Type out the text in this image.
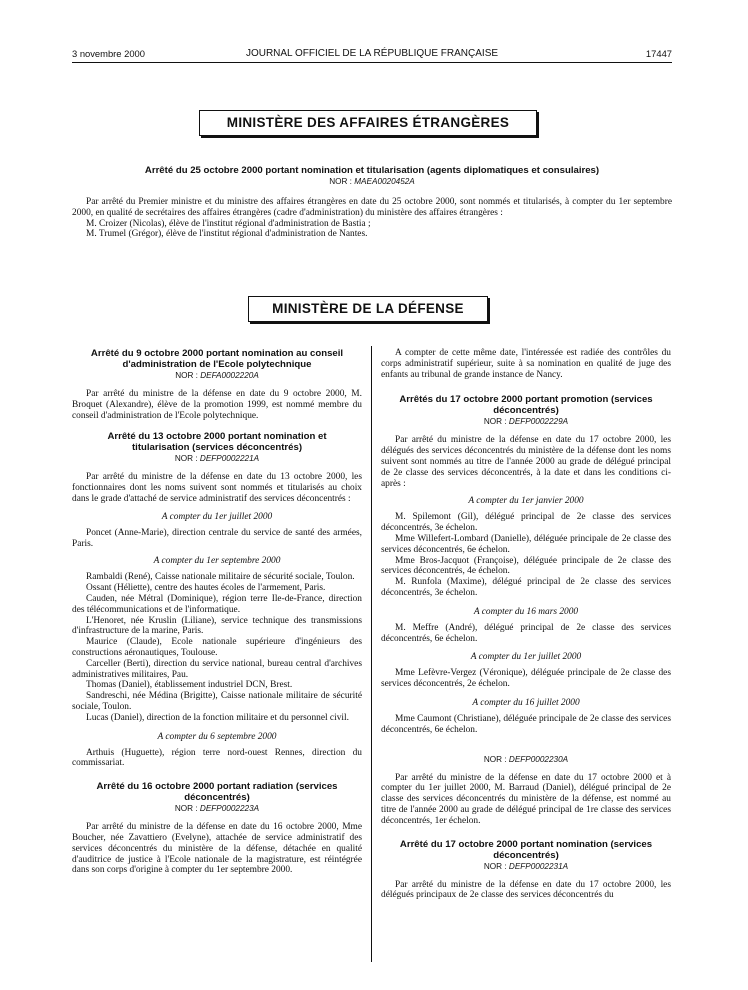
3 novembre 2000	JOURNAL OFFICIEL DE LA RÉPUBLIQUE FRANÇAISE	17447
MINISTÈRE DES AFFAIRES ÉTRANGÈRES
Arrêté du 25 octobre 2000 portant nomination et titularisation (agents diplomatiques et consulaires)
NOR : MAEA0020452A

Par arrêté du Premier ministre et du ministre des affaires étrangères en date du 25 octobre 2000, sont nommés et titularisés, à compter du 1er septembre 2000, en qualité de secrétaires des affaires étrangères (cadre d'administration) du ministère des affaires étrangères :

M. Croizer (Nicolas), élève de l'institut régional d'administration de Bastia ;

M. Trumel (Grégor), élève de l'institut régional d'administration de Nantes.

MINISTÈRE DE LA DÉFENSE
Arrêté du 9 octobre 2000 portant nomination au conseil d'administration de l'Ecole polytechnique
NOR : DEFA0002220A

Par arrêté du ministre de la défense en date du 9 octobre 2000, M. Broquet (Alexandre), élève de la promotion 1999, est nommé membre du conseil d'administration de l'Ecole polytechnique.

Arrêté du 13 octobre 2000 portant nomination et titularisation (services déconcentrés)
NOR : DEFP0002221A

Par arrêté du ministre de la défense en date du 13 octobre 2000, les fonctionnaires dont les noms suivent sont nommés et titularisés au choix dans le grade d'attaché de service administratif des services déconcentrés :

A compter du 1er juillet 2000

Poncet (Anne-Marie), direction centrale du service de santé des armées, Paris.

A compter du 1er septembre 2000

Rambaldi (René), Caisse nationale militaire de sécurité sociale, Toulon.

Ossant (Héliette), centre des hautes écoles de l'armement, Paris.

Cauden, née Métral (Dominique), région terre Ile-de-France, direction des télécommunications et de l'informatique.

L'Henoret, née Kruslin (Liliane), service technique des transmissions d'infrastructure de la marine, Paris.

Maurice (Claude), Ecole nationale supérieure d'ingénieurs des constructions aéronautiques, Toulouse.

Carceller (Berti), direction du service national, bureau central d'archives administratives militaires, Pau.

Thomas (Daniel), établissement industriel DCN, Brest.

Sandreschi, née Médina (Brigitte), Caisse nationale militaire de sécurité sociale, Toulon.

Lucas (Daniel), direction de la fonction militaire et du personnel civil.

A compter du 6 septembre 2000

Arthuis (Huguette), région terre nord-ouest Rennes, direction du commissariat.

Arrêté du 16 octobre 2000 portant radiation (services déconcentrés)
NOR : DEFP0002223A

Par arrêté du ministre de la défense en date du 16 octobre 2000, Mme Boucher, née Zavattiero (Evelyne), attachée de service administratif des services déconcentrés du ministère de la défense, détachée en qualité d'auditrice de justice à l'Ecole nationale de la magistrature, est réintégrée dans son corps d'origine à compter du 1er septembre 2000.

A compter de cette même date, l'intéressée est radiée des contrôles du corps administratif supérieur, suite à sa nomination en qualité de juge des enfants au tribunal de grande instance de Nancy.

Arrêtés du 17 octobre 2000 portant promotion (services déconcentrés)
NOR : DEFP0002229A

Par arrêté du ministre de la défense en date du 17 octobre 2000, les délégués des services déconcentrés du ministère de la défense dont les noms suivent sont nommés au titre de l'année 2000 au grade de délégué principal de 2e classe des services déconcentrés, à la date et dans les conditions ci-après :

A compter du 1er janvier 2000

M. Spilemont (Gil), délégué principal de 2e classe des services déconcentrés, 3e échelon.

Mme Willefert-Lombard (Danielle), déléguée principale de 2e classe des services déconcentrés, 6e échelon.

Mme Bros-Jacquot (Françoise), déléguée principale de 2e classe des services déconcentrés, 4e échelon.

M. Runfola (Maxime), délégué principal de 2e classe des services déconcentrés, 3e échelon.

A compter du 16 mars 2000

M. Meffre (André), délégué principal de 2e classe des services déconcentrés, 6e échelon.

A compter du 1er juillet 2000

Mme Lefèvre-Vergez (Véronique), déléguée principale de 2e classe des services déconcentrés, 2e échelon.

A compter du 16 juillet 2000

Mme Caumont (Christiane), déléguée principale de 2e classe des services déconcentrés, 6e échelon.

NOR : DEFP0002230A

Par arrêté du ministre de la défense en date du 17 octobre 2000 et à compter du 1er juillet 2000, M. Barraud (Daniel), délégué principal de 2e classe des services déconcentrés du ministère de la défense, est nommé au titre de l'année 2000 au grade de délégué principal de 1re classe des services déconcentrés, 1er échelon.

Arrêté du 17 octobre 2000 portant nomination (services déconcentrés)
NOR : DEFP0002231A

Par arrêté du ministre de la défense en date du 17 octobre 2000, les délégués principaux de 2e classe des services déconcentrés du
